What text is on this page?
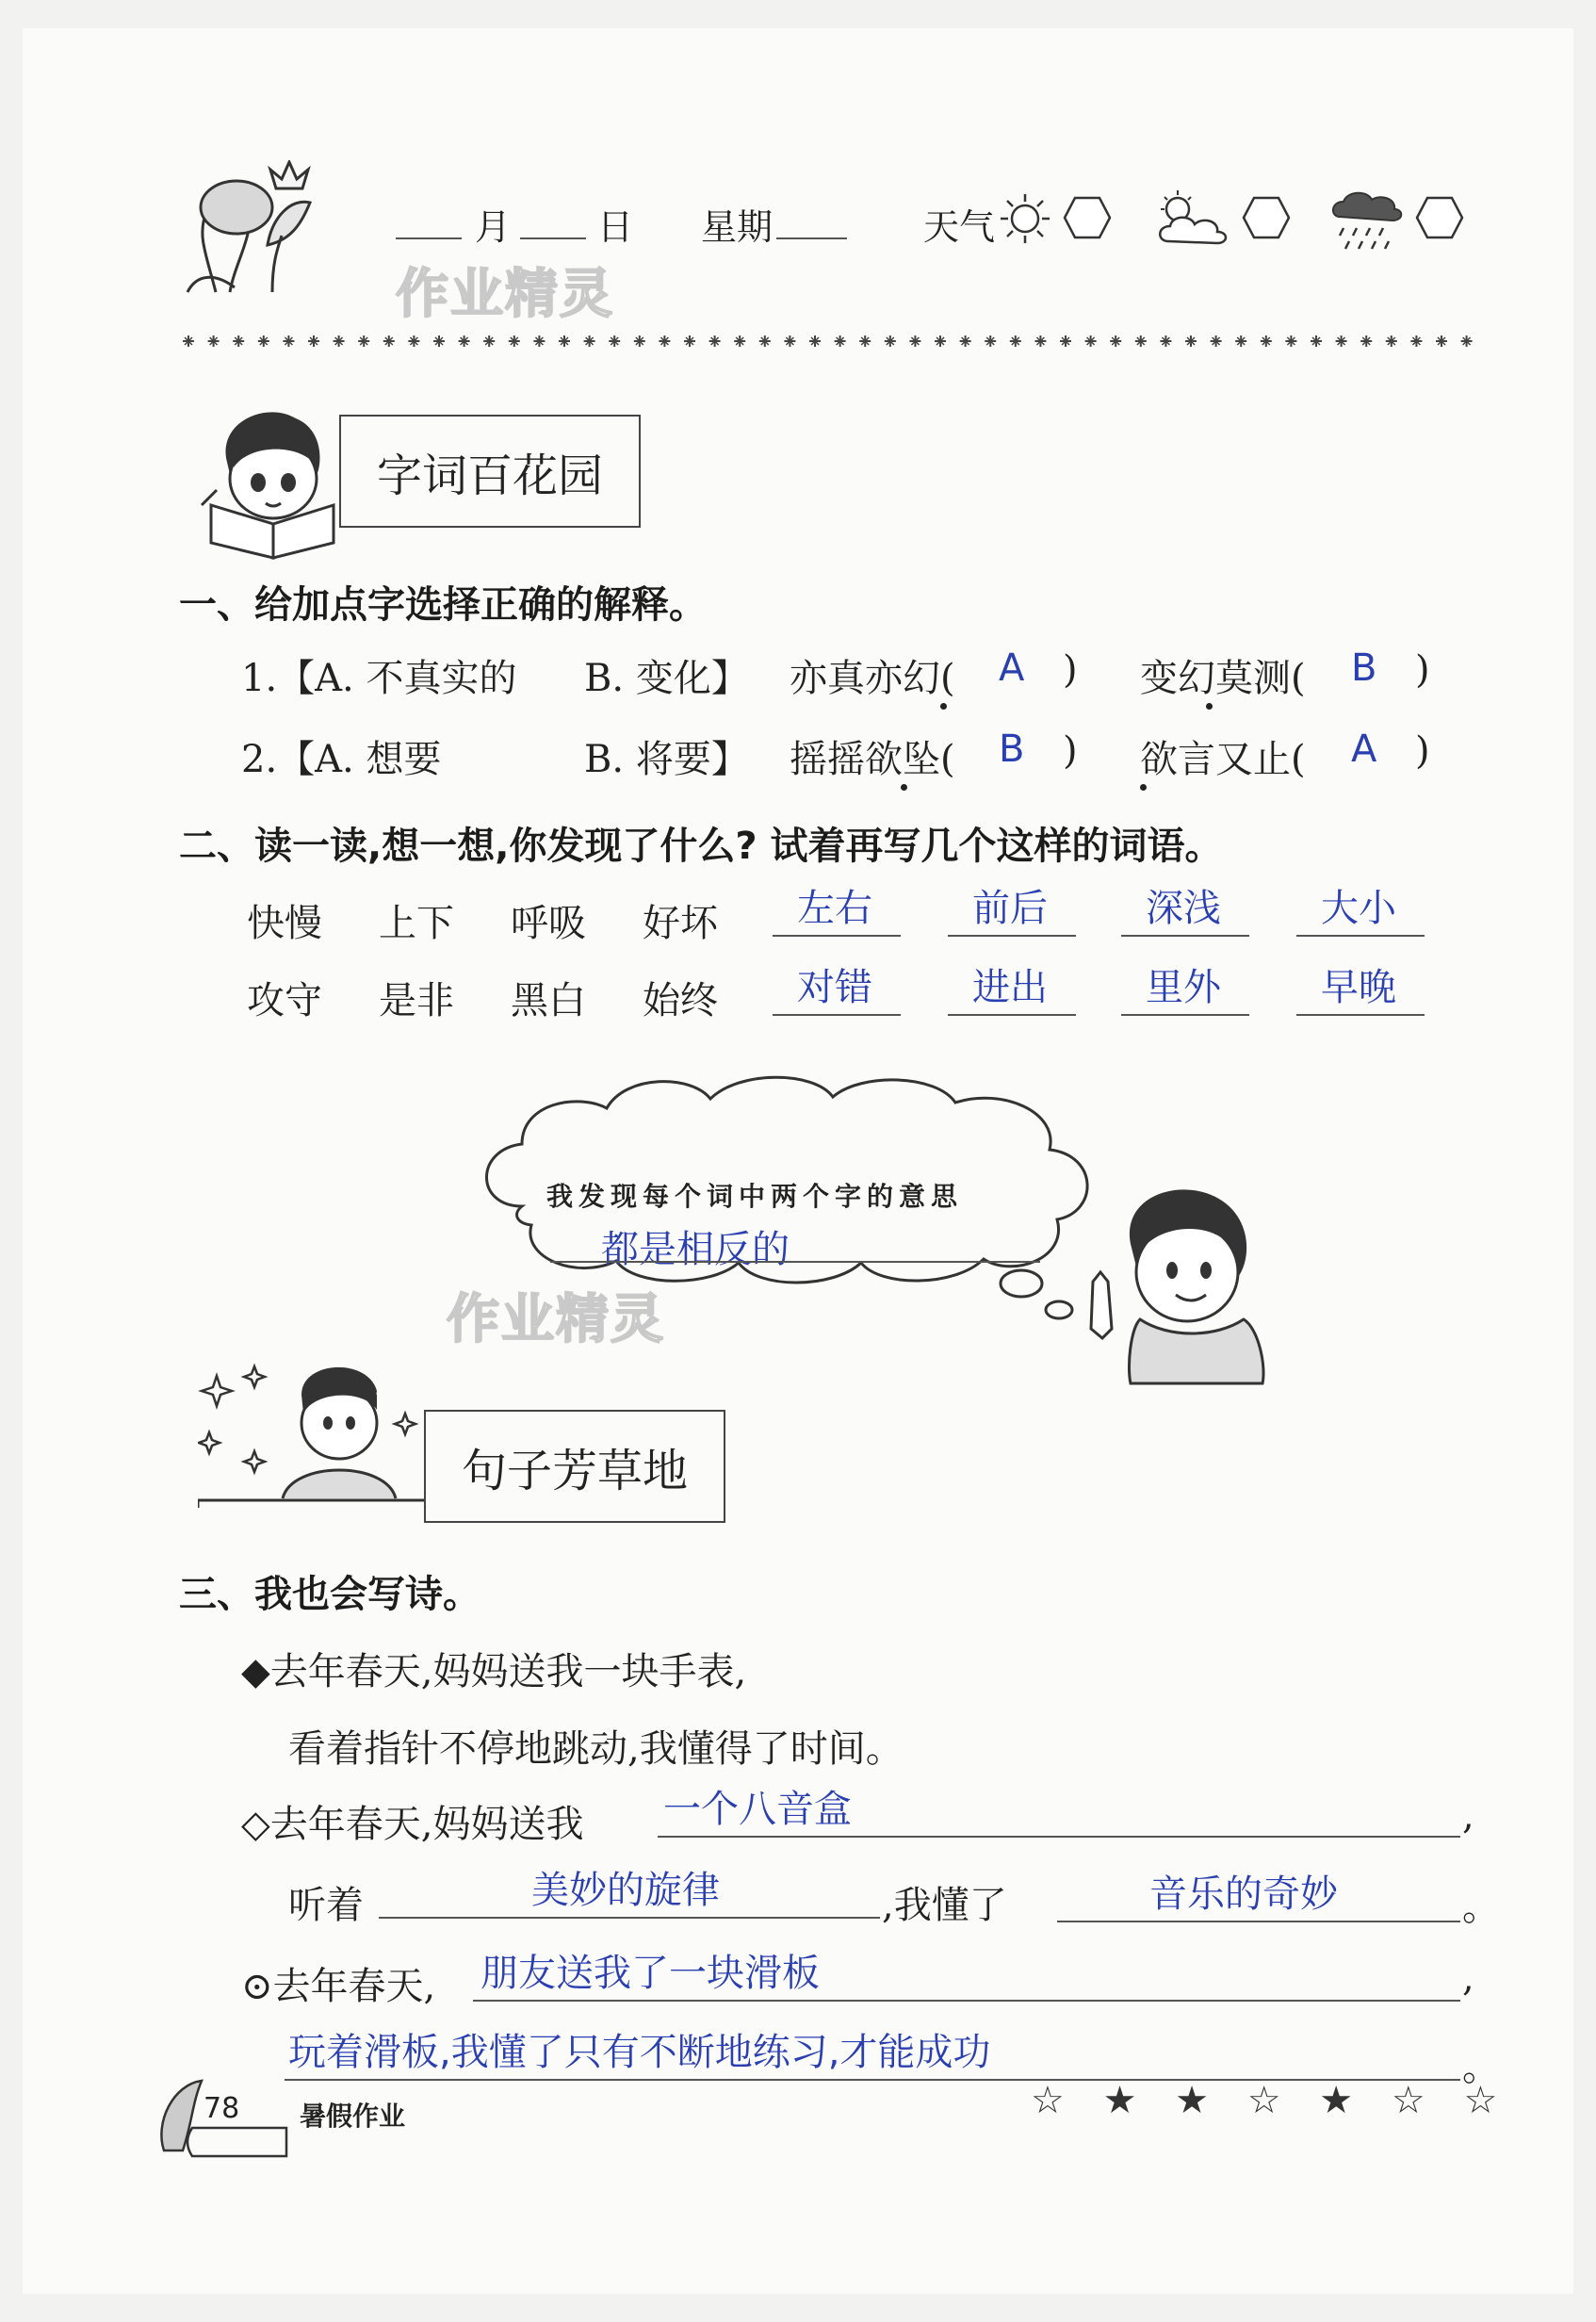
月 日 星期	天气
作业精灵
字词百花园
一、给加点字选择正确的解释。
1.【A. 不真实的 B. 变化】 亦真亦幻( A ) 变幻莫测( B )
2.【A. 想要	B. 将要】 摇摇欲坠( B ) 欲言又止( A )
二、读一读,想一想,你发现了什么? 试着再写几个这样的词语。
快慢 上下 呼吸 好坏 左右	前后	深浅	大小
攻守 是非 黑白 始终 对错	进出	里外	早晚
我发现每个词中两个字的意思
都是相反的
作业精灵
句子芳草地
三、我也会写诗。
◆去年春天,妈妈送我一块手表,
看着指针不停地跳动,我懂得了时间。
◇去年春天,妈妈送我 一个八音盒	,
听着	美妙的旋律	,我懂了	音乐的奇妙	。
⊙去年春天, 朋友送我了一块滑板	,
玩着滑板,我懂了只有不断地练习,才能成功	。
78 暑假作业	☆ ★ ★ ☆ ★ ☆ ☆
